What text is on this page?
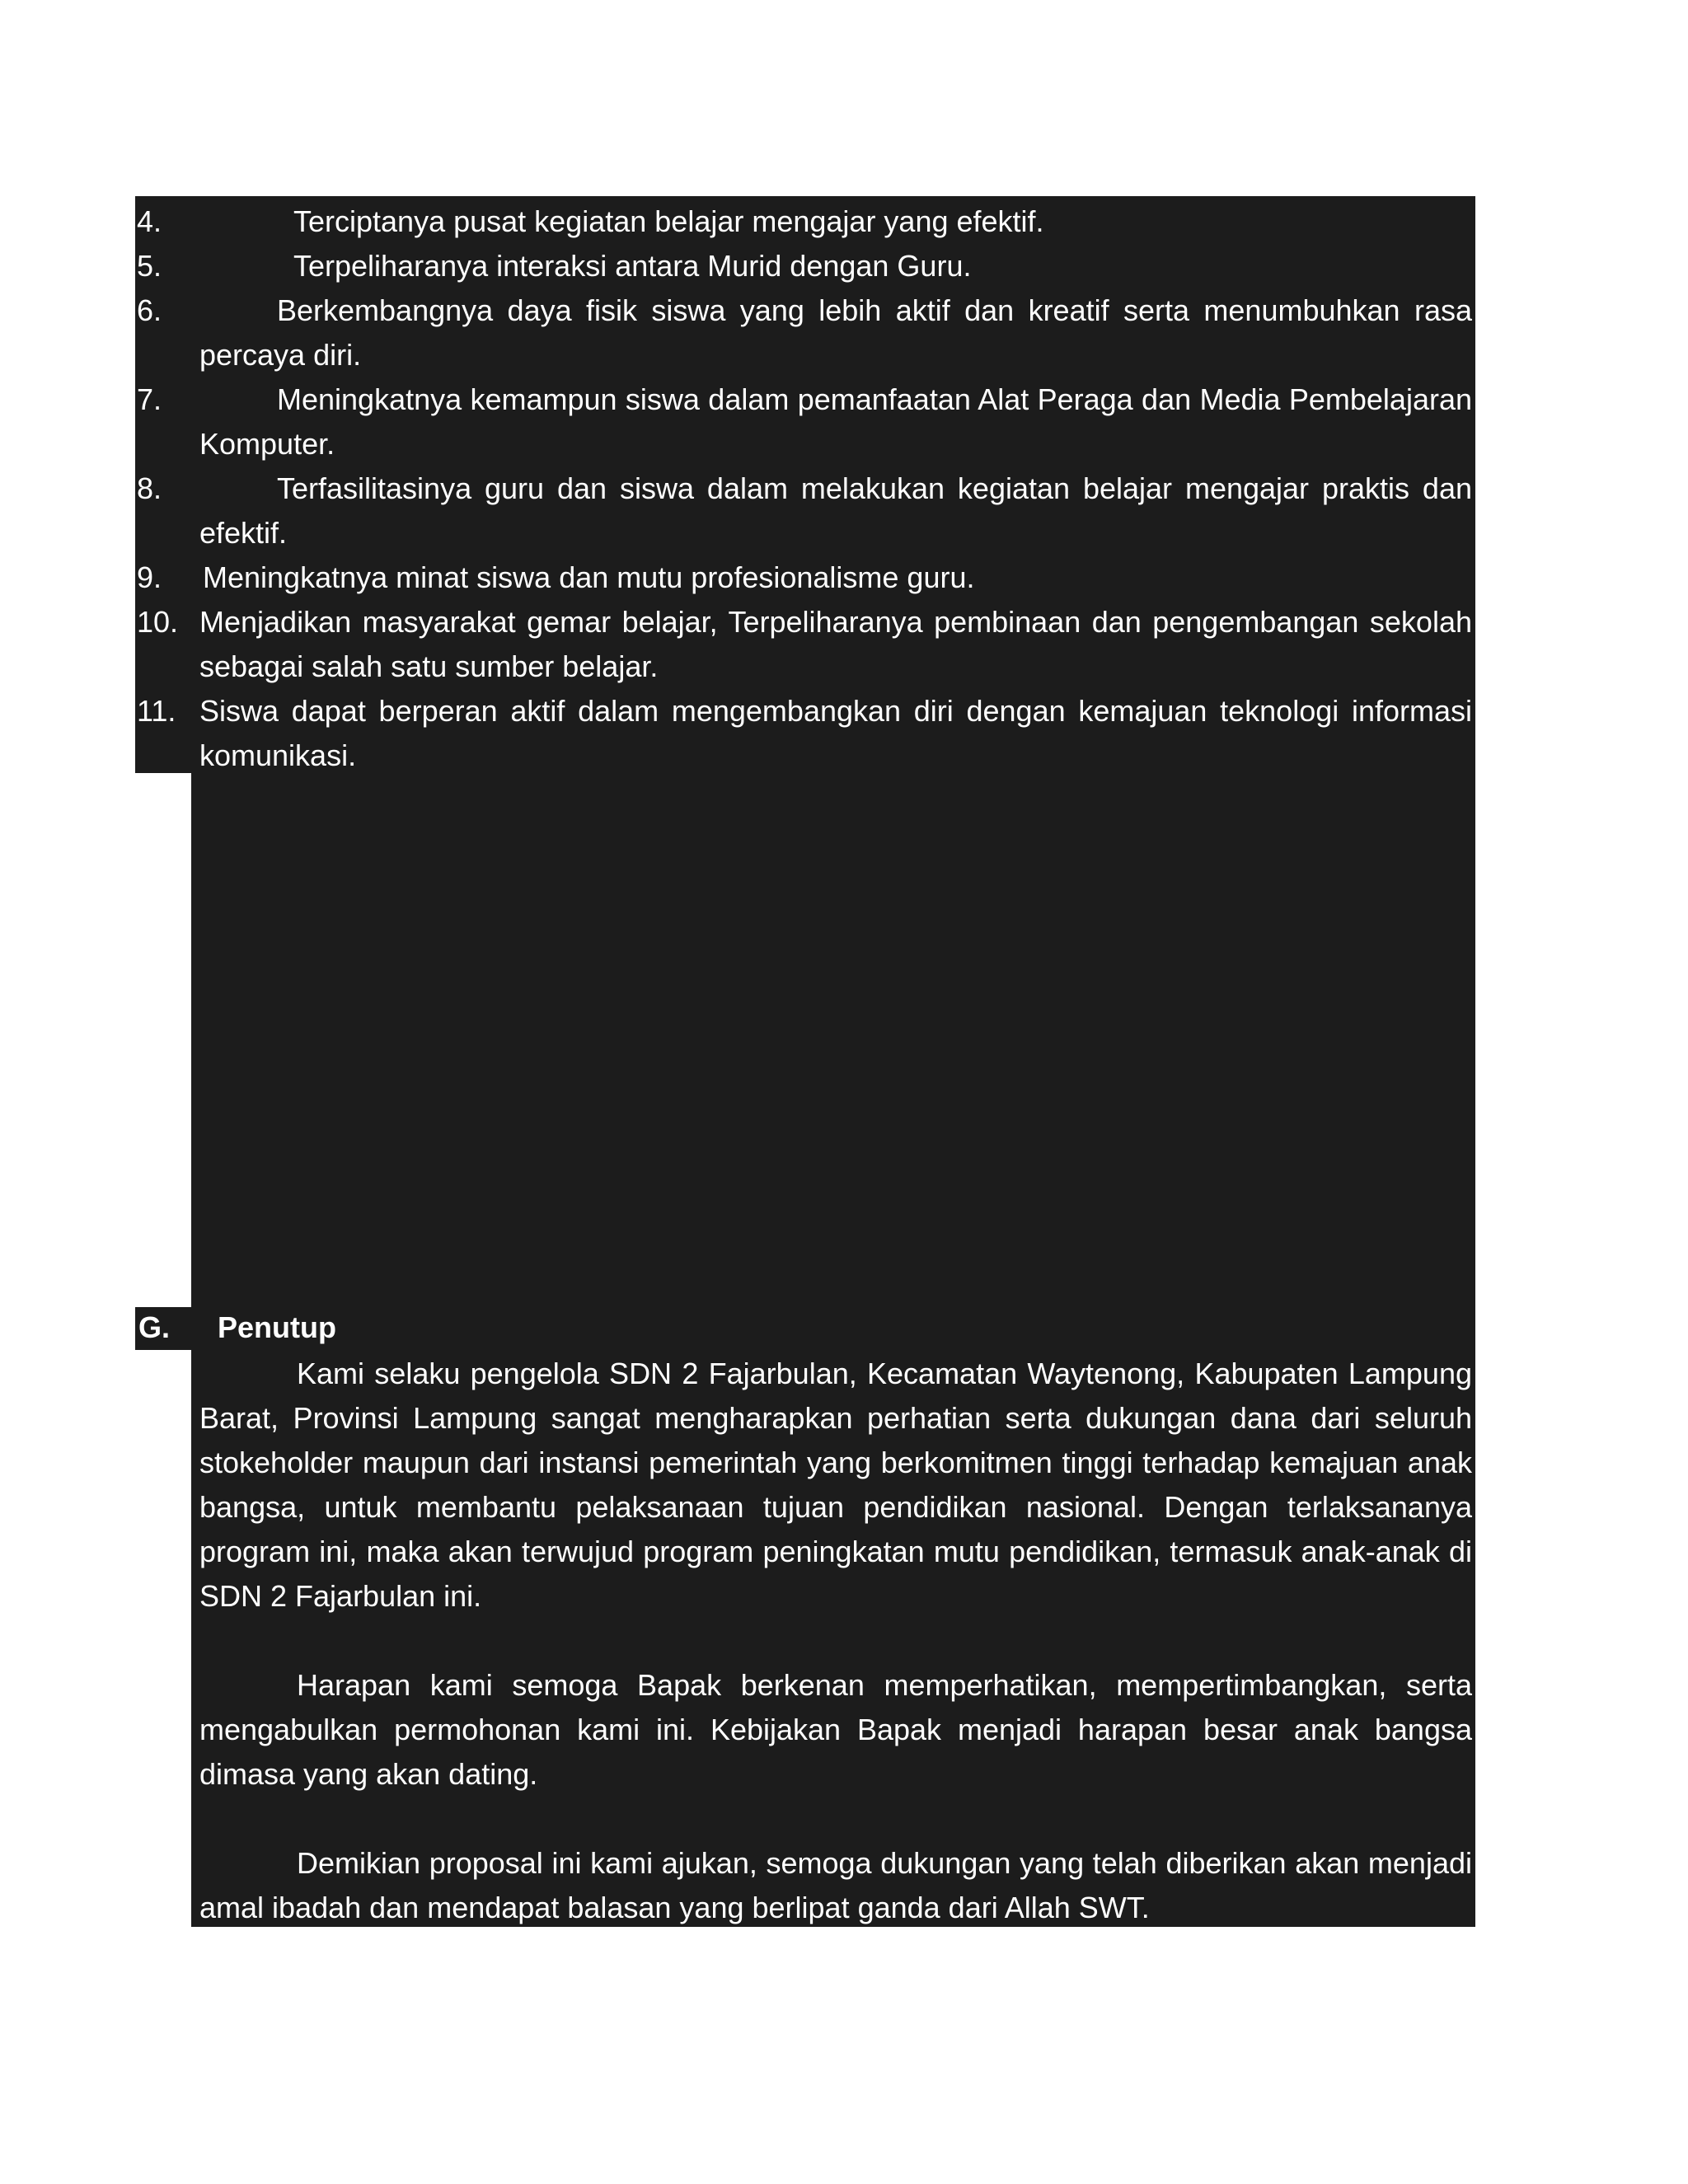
4.	Terciptanya pusat kegiatan belajar mengajar yang efektif.
5.	Terpeliharanya interaksi antara Murid dengan Guru.
6.	Berkembangnya daya fisik siswa yang lebih aktif dan kreatif serta menumbuhkan rasa percaya diri.
7.	Meningkatnya kemampun siswa dalam pemanfaatan Alat Peraga dan Media Pembelajaran Komputer.
8.	Terfasilitasinya guru dan siswa dalam melakukan kegiatan belajar mengajar praktis dan efektif.
9.	Meningkatnya minat siswa dan mutu profesionalisme guru.
10. Menjadikan masyarakat gemar belajar, Terpeliharanya pembinaan dan pengembangan sekolah sebagai salah satu sumber belajar.
11. Siswa dapat berperan aktif dalam mengembangkan diri dengan kemajuan teknologi informasi komunikasi.
G. Penutup

Kami selaku pengelola SDN 2 Fajarbulan, Kecamatan Waytenong, Kabupaten Lampung Barat, Provinsi Lampung sangat mengharapkan perhatian serta dukungan dana dari seluruh stokeholder maupun dari instansi pemerintah yang berkomitmen tinggi terhadap kemajuan anak bangsa, untuk membantu pelaksanaan tujuan pendidikan nasional. Dengan terlaksananya program ini, maka akan terwujud program peningkatan mutu pendidikan, termasuk anak-anak di SDN 2 Fajarbulan ini.

Harapan kami semoga Bapak berkenan memperhatikan, mempertimbangkan, serta mengabulkan permohonan kami ini. Kebijakan Bapak menjadi harapan besar anak bangsa dimasa yang akan dating.

Demikian proposal ini kami ajukan, semoga dukungan yang telah diberikan akan menjadi amal ibadah dan mendapat balasan yang berlipat ganda dari Allah SWT.
